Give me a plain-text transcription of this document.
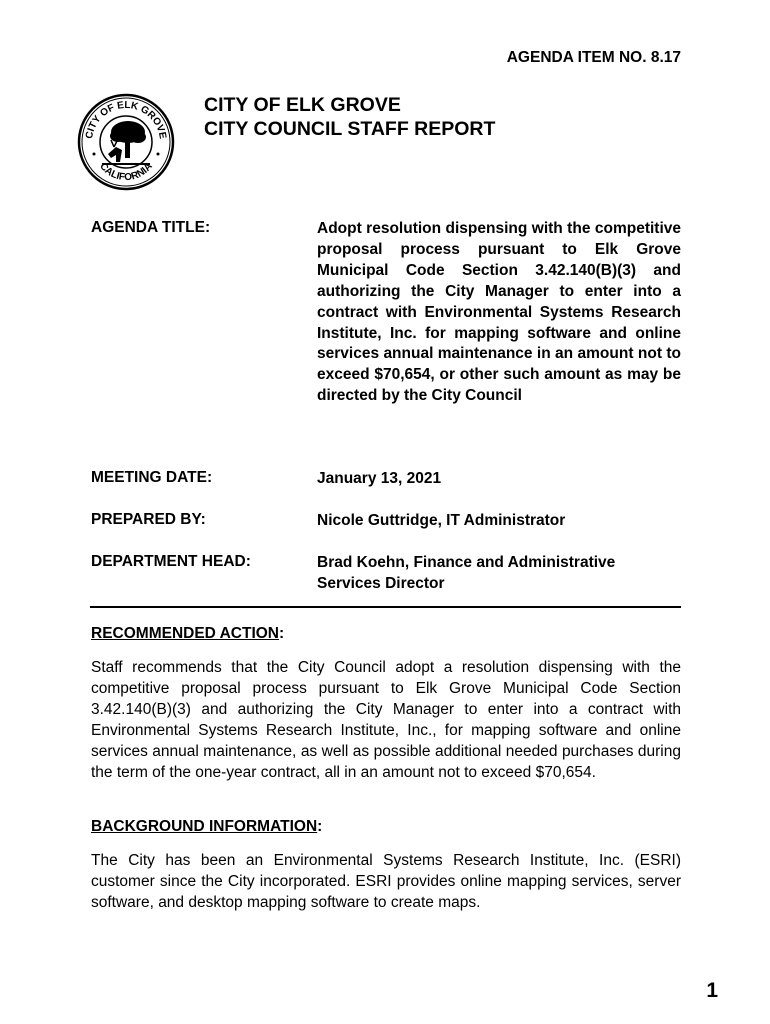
AGENDA ITEM NO. 8.17
CITY OF ELK GROVE
CALIFORNIA
CITY OF ELK GROVE
CITY COUNCIL STAFF REPORT
AGENDA TITLE:	Adopt resolution dispensing with the competitive proposal process pursuant to Elk Grove Municipal Code Section 3.42.140(B)(3) and authorizing the City Manager to enter into a contract with Environmental Systems Research Institute, Inc. for mapping software and online services annual maintenance in an amount not to exceed $70,654, or other such amount as may be directed by the City Council
MEETING DATE:	January 13, 2021
PREPARED BY:	Nicole Guttridge, IT Administrator
DEPARTMENT HEAD:	Brad Koehn, Finance and Administrative
Services Director
RECOMMENDED ACTION:
Staff recommends that the City Council adopt a resolution dispensing with the competitive proposal process pursuant to Elk Grove Municipal Code Section 3.42.140(B)(3) and authorizing the City Manager to enter into a contract with Environmental Systems Research Institute, Inc., for mapping software and online services annual maintenance, as well as possible additional needed purchases during the term of the one-year contract, all in an amount not to exceed $70,654.
BACKGROUND INFORMATION:
The City has been an Environmental Systems Research Institute, Inc. (ESRI) customer since the City incorporated. ESRI provides online mapping services, server software, and desktop mapping software to create maps.
1
